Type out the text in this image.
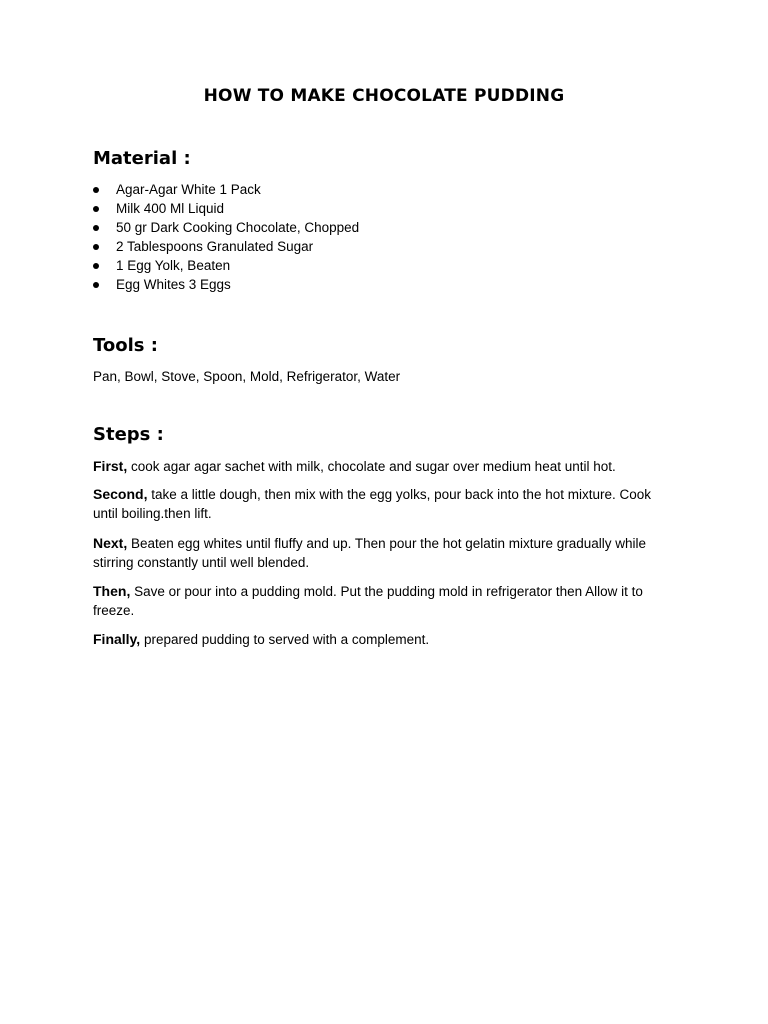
HOW TO MAKE CHOCOLATE PUDDING
Material :
Agar-Agar White 1 Pack
Milk 400 Ml Liquid
50 gr Dark Cooking Chocolate, Chopped
2 Tablespoons Granulated Sugar
1 Egg Yolk, Beaten
Egg Whites 3 Eggs
Tools :
Pan, Bowl, Stove, Spoon, Mold, Refrigerator, Water
Steps :
First, cook agar agar sachet with milk, chocolate and sugar over medium heat until hot.
Second, take a little dough, then mix with the egg yolks, pour back into the hot mixture. Cook until boiling.then lift.
Next, Beaten egg whites until fluffy and up. Then pour the hot gelatin mixture gradually while stirring constantly until well blended.
Then, Save or pour into a pudding mold. Put the pudding mold in refrigerator then Allow it to freeze.
Finally, prepared pudding to served with a complement.
